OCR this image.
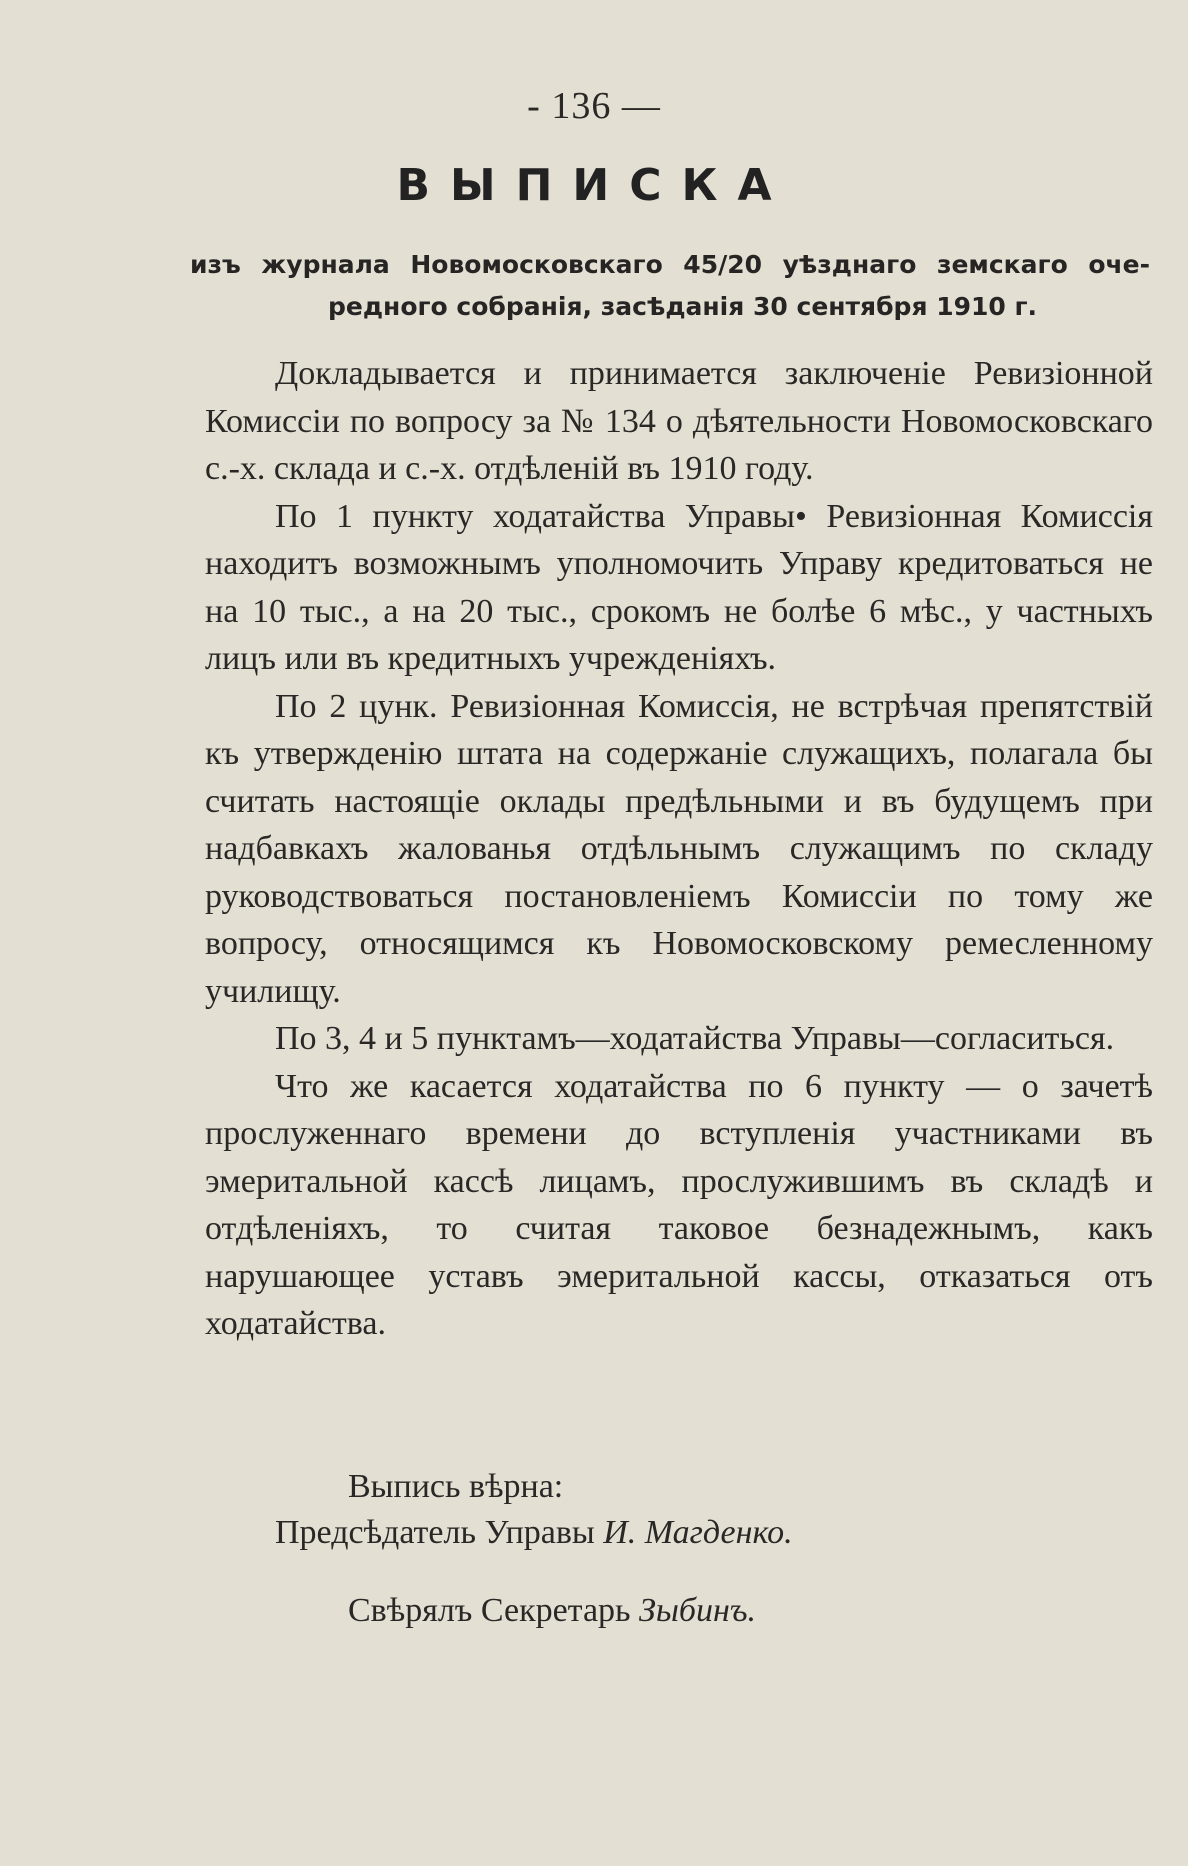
- 136 —
ВЫПИСКА

изъ журнала Новомосковскаго 45/20 уѣзднаго земскаго оче-

редного собранія, засѣданія 30 сентября 1910 г.

Докладывается и принимается заключеніе Ревизіонной Комиссіи по вопросу за № 134 о дѣятельности Новомосковскаго с.-х. склада и с.-х. отдѣленій въ 1910 году.

По 1 пункту ходатайства Управы• Ревизіонная Комиссія находитъ возможнымъ уполномочить Управу кредитоваться не на 10 тыс., а на 20 тыс., срокомъ не болѣе 6 мѣс., у частныхъ лицъ или въ кредитныхъ учрежденіяхъ.

По 2 цунк. Ревизіонная Комиссія, не встрѣчая препятствій къ утвержденію штата на содержаніе служащихъ, полагала бы считать настоящіе оклады предѣльными и въ будущемъ при надбавкахъ жалованья отдѣльнымъ служащимъ по складу руководствоваться постановленіемъ Комиссіи по тому же вопросу, относящимся къ Новомосковскому ремесленному училищу.

По 3, 4 и 5 пунктамъ—ходатайства Управы—согласиться.

Что же касается ходатайства по 6 пункту — о зачетѣ прослуженнаго времени до вступленія участниками въ эмеритальной кассѣ лицамъ, прослужившимъ въ складѣ и отдѣленіяхъ, то считая таковое безнадежнымъ, какъ нарушающее уставъ эмеритальной кассы, отказаться отъ ходатайства.

Выпись вѣрна:
Предсѣдатель Управы И. Магденко.
Свѣрялъ Секретарь Зыбинъ.
